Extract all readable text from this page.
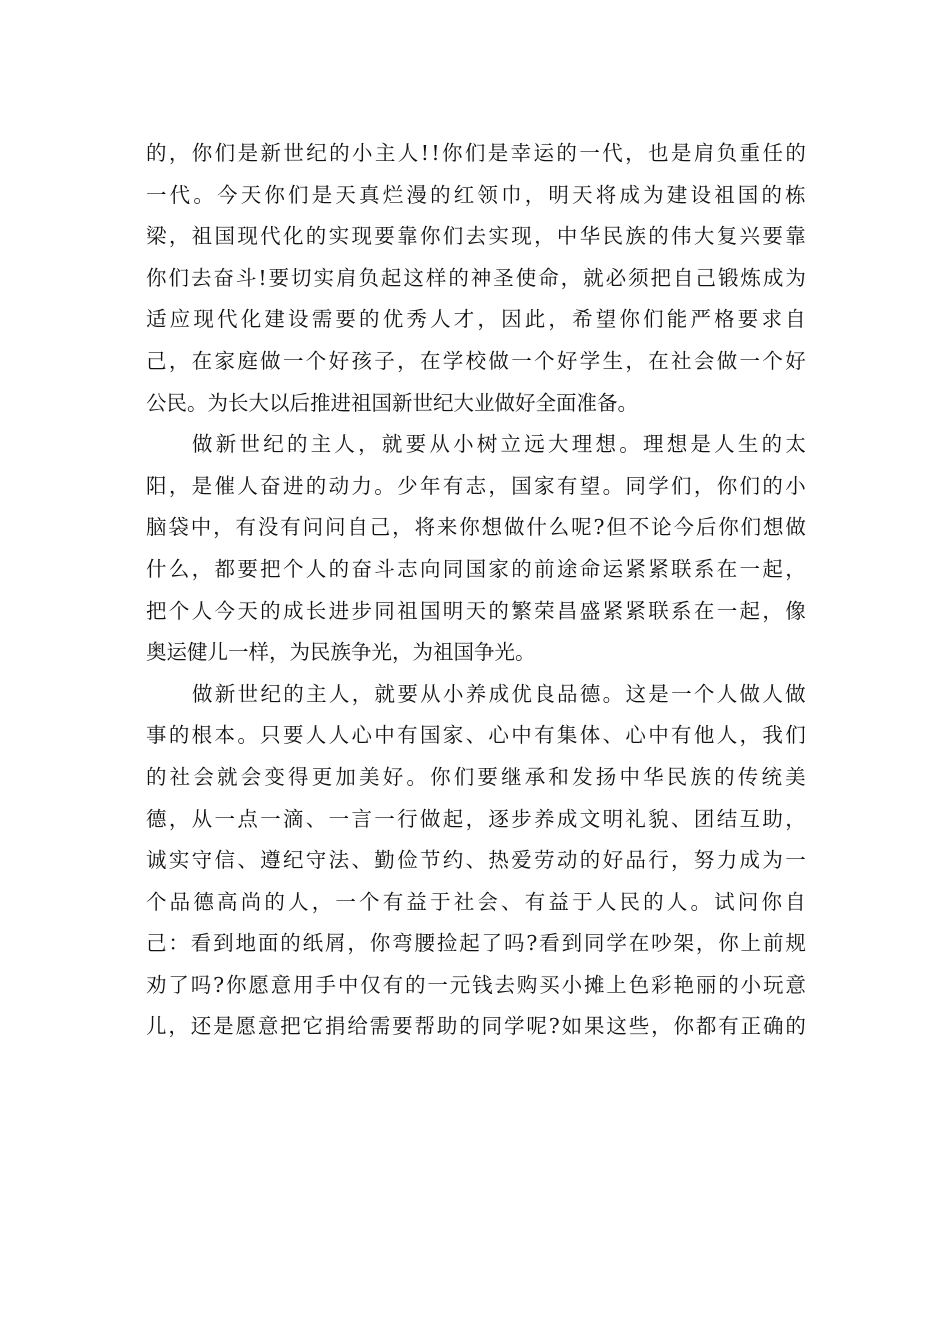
的 ， 你 们 是 新 世 纪 的 小 主 人 ! ! 你 们 是 幸 运 的 一 代 ， 也 是 肩 负 重 任 的
一 代 。 今 天 你 们 是 天 真 烂 漫 的 红 领 巾 ， 明 天 将 成 为 建 设 祖 国 的 栋
梁 ， 祖 国 现 代 化 的 实 现 要 靠 你 们 去 实 现 ， 中 华 民 族 的 伟 大 复 兴 要 靠
你 们 去 奋 斗 ! 要 切 实 肩 负 起 这 样 的 神 圣 使 命 ， 就 必 须 把 自 己 锻 炼 成 为
适 应 现 代 化 建 设 需 要 的 优 秀 人 才 ， 因 此 ， 希 望 你 们 能 严 格 要 求 自
己 ， 在 家 庭 做 一 个 好 孩 子 ， 在 学 校 做 一 个 好 学 生 ， 在 社 会 做 一 个 好
公民。为长大以后推进祖国新世纪大业做好全面准备。
做 新 世 纪 的 主 人 ， 就 要 从 小 树 立 远 大 理 想 。 理 想 是 人 生 的 太
阳 ， 是 催 人 奋 进 的 动 力 。 少 年 有 志 ， 国 家 有 望 。 同 学 们 ， 你 们 的 小
脑 袋 中 ， 有 没 有 问 问 自 己 ， 将 来 你 想 做 什 么 呢 ? 但 不 论 今 后 你 们 想 做
什 么 ， 都 要 把 个 人 的 奋 斗 志 向 同 国 家 的 前 途 命 运 紧 紧 联 系 在 一 起 ，
把 个 人 今 天 的 成 长 进 步 同 祖 国 明 天 的 繁 荣 昌 盛 紧 紧 联 系 在 一 起 ， 像
奥运健儿一样，为民族争光，为祖国争光。
做 新 世 纪 的 主 人 ， 就 要 从 小 养 成 优 良 品 德 。 这 是 一 个 人 做 人 做
事 的 根 本 。 只 要 人 人 心 中 有 国 家 、 心 中 有 集 体 、 心 中 有 他 人 ， 我 们
的 社 会 就 会 变 得 更 加 美 好 。 你 们 要 继 承 和 发 扬 中 华 民 族 的 传 统 美
德 ， 从 一 点 一 滴 、 一 言 一 行 做 起 ， 逐 步 养 成 文 明 礼 貌 、 团 结 互 助 ，
诚 实 守 信 、 遵 纪 守 法 、 勤 俭 节 约 、 热 爱 劳 动 的 好 品 行 ， 努 力 成 为 一
个 品 德 高 尚 的 人 ， 一 个 有 益 于 社 会 、 有 益 于 人 民 的 人 。 试 问 你 自
己 ： 看 到 地 面 的 纸 屑 ， 你 弯 腰 捡 起 了 吗 ? 看 到 同 学 在 吵 架 ， 你 上 前 规
劝 了 吗 ? 你 愿 意 用 手 中 仅 有 的 一 元 钱 去 购 买 小 摊 上 色 彩 艳 丽 的 小 玩 意
儿 ， 还 是 愿 意 把 它 捐 给 需 要 帮 助 的 同 学 呢 ? 如 果 这 些 ， 你 都 有 正 确 的
